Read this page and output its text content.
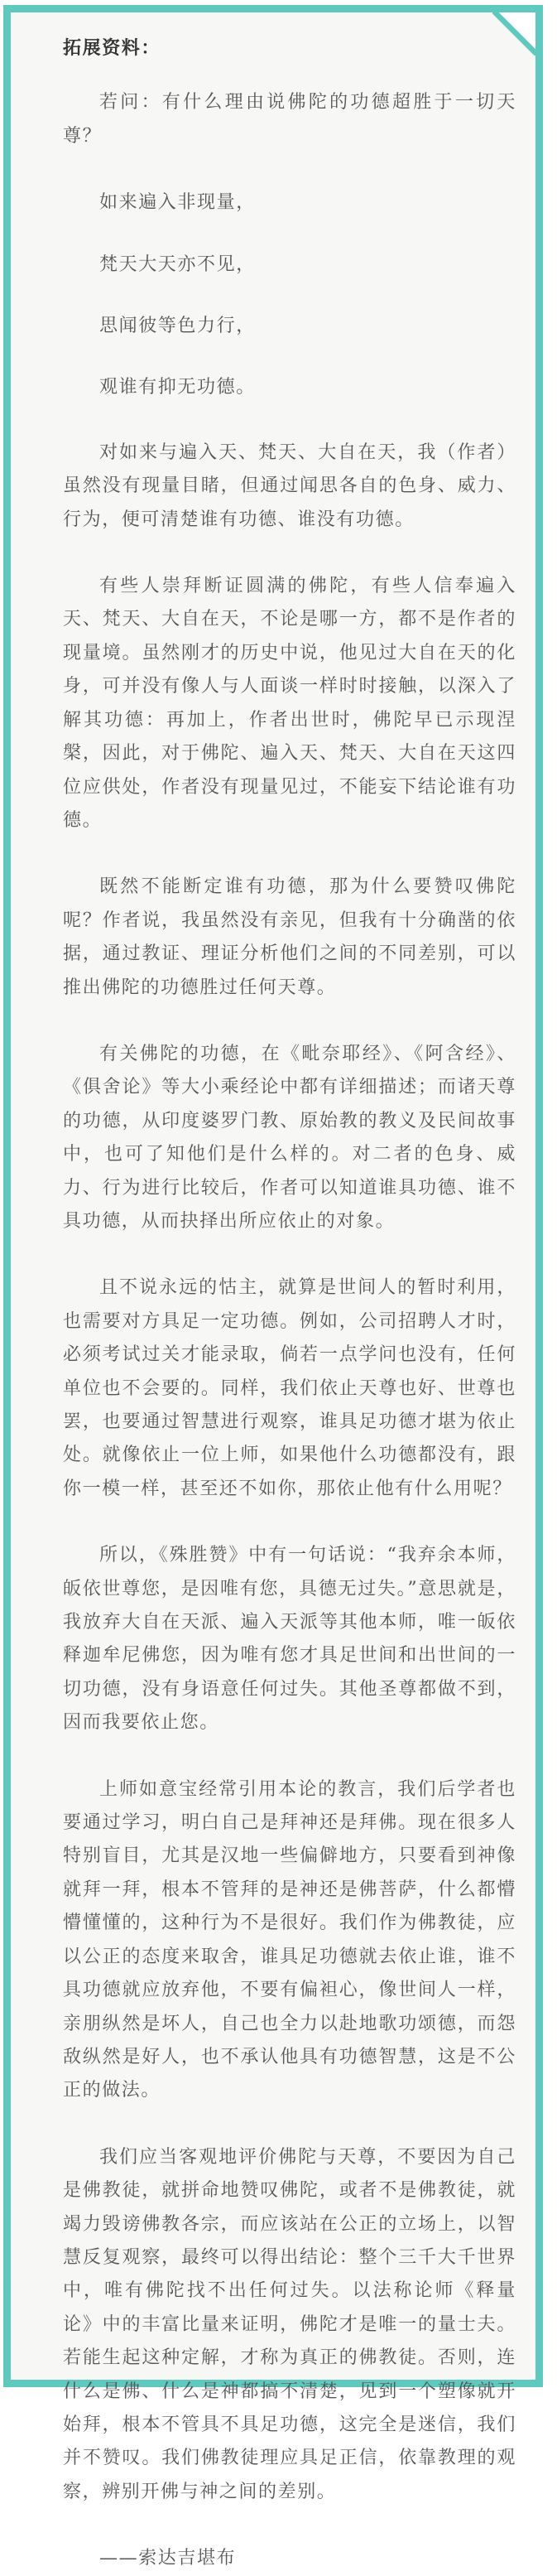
拓展资料：

若问：有什么理由说佛陀的功德超胜于一切天尊？

如来遍入非现量，

梵天大天亦不见，

思闻彼等色力行，

观谁有抑无功德。

对如来与遍入天、梵天、大自在天，我（作者）虽然没有现量目睹，但通过闻思各自的色身、威力、行为，便可清楚谁有功德、谁没有功德。

有些人崇拜断证圆满的佛陀，有些人信奉遍入天、梵天、大自在天，不论是哪一方，都不是作者的现量境。虽然刚才的历史中说，他见过大自在天的化身，可并没有像人与人面谈一样时时接触，以深入了解其功德：再加上，作者出世时，佛陀早已示现涅槃，因此，对于佛陀、遍入天、梵天、大自在天这四位应供处，作者没有现量见过，不能妄下结论谁有功德。

既然不能断定谁有功德，那为什么要赞叹佛陀呢？作者说，我虽然没有亲见，但我有十分确凿的依据，通过教证、理证分析他们之间的不同差别，可以推出佛陀的功德胜过任何天尊。

有关佛陀的功德，在《毗奈耶经》、《阿含经》、《俱舍论》等大小乘经论中都有详细描述；而诸天尊的功德，从印度婆罗门教、原始教的教义及民间故事中，也可了知他们是什么样的。对二者的色身、威力、行为进行比较后，作者可以知道谁具功德、谁不具功德，从而抉择出所应依止的对象。

且不说永远的怙主，就算是世间人的暂时利用，也需要对方具足一定功德。例如，公司招聘人才时，必须考试过关才能录取，倘若一点学问也没有，任何单位也不会要的。同样，我们依止天尊也好、世尊也罢，也要通过智慧进行观察，谁具足功德才堪为依止处。就像依止一位上师，如果他什么功德都没有，跟你一模一样，甚至还不如你，那依止他有什么用呢？

所以，《殊胜赞》中有一句话说：“我弃余本师，皈依世尊您，是因唯有您，具德无过失。”意思就是，我放弃大自在天派、遍入天派等其他本师，唯一皈依释迦牟尼佛您，因为唯有您才具足世间和出世间的一切功德，没有身语意任何过失。其他圣尊都做不到，因而我要依止您。

上师如意宝经常引用本论的教言，我们后学者也要通过学习，明白自己是拜神还是拜佛。现在很多人特别盲目，尤其是汉地一些偏僻地方，只要看到神像就拜一拜，根本不管拜的是神还是佛菩萨，什么都懵懵懂懂的，这种行为不是很好。我们作为佛教徒，应以公正的态度来取舍，谁具足功德就去依止谁，谁不具功德就应放弃他，不要有偏袒心，像世间人一样，亲朋纵然是坏人，自己也全力以赴地歌功颂德，而怨敌纵然是好人，也不承认他具有功德智慧，这是不公正的做法。

我们应当客观地评价佛陀与天尊，不要因为自己是佛教徒，就拼命地赞叹佛陀，或者不是佛教徒，就竭力毁谤佛教各宗，而应该站在公正的立场上，以智慧反复观察，最终可以得出结论：整个三千大千世界中，唯有佛陀找不出任何过失。以法称论师《释量论》中的丰富比量来证明，佛陀才是唯一的量士夫。若能生起这种定解，才称为真正的佛教徒。否则，连什么是佛、什么是神都搞不清楚，见到一个塑像就开始拜，根本不管具不具足功德，这完全是迷信，我们并不赞叹。我们佛教徒理应具足正信，依靠教理的观察，辨别开佛与神之间的差别。

——索达吉堪布
